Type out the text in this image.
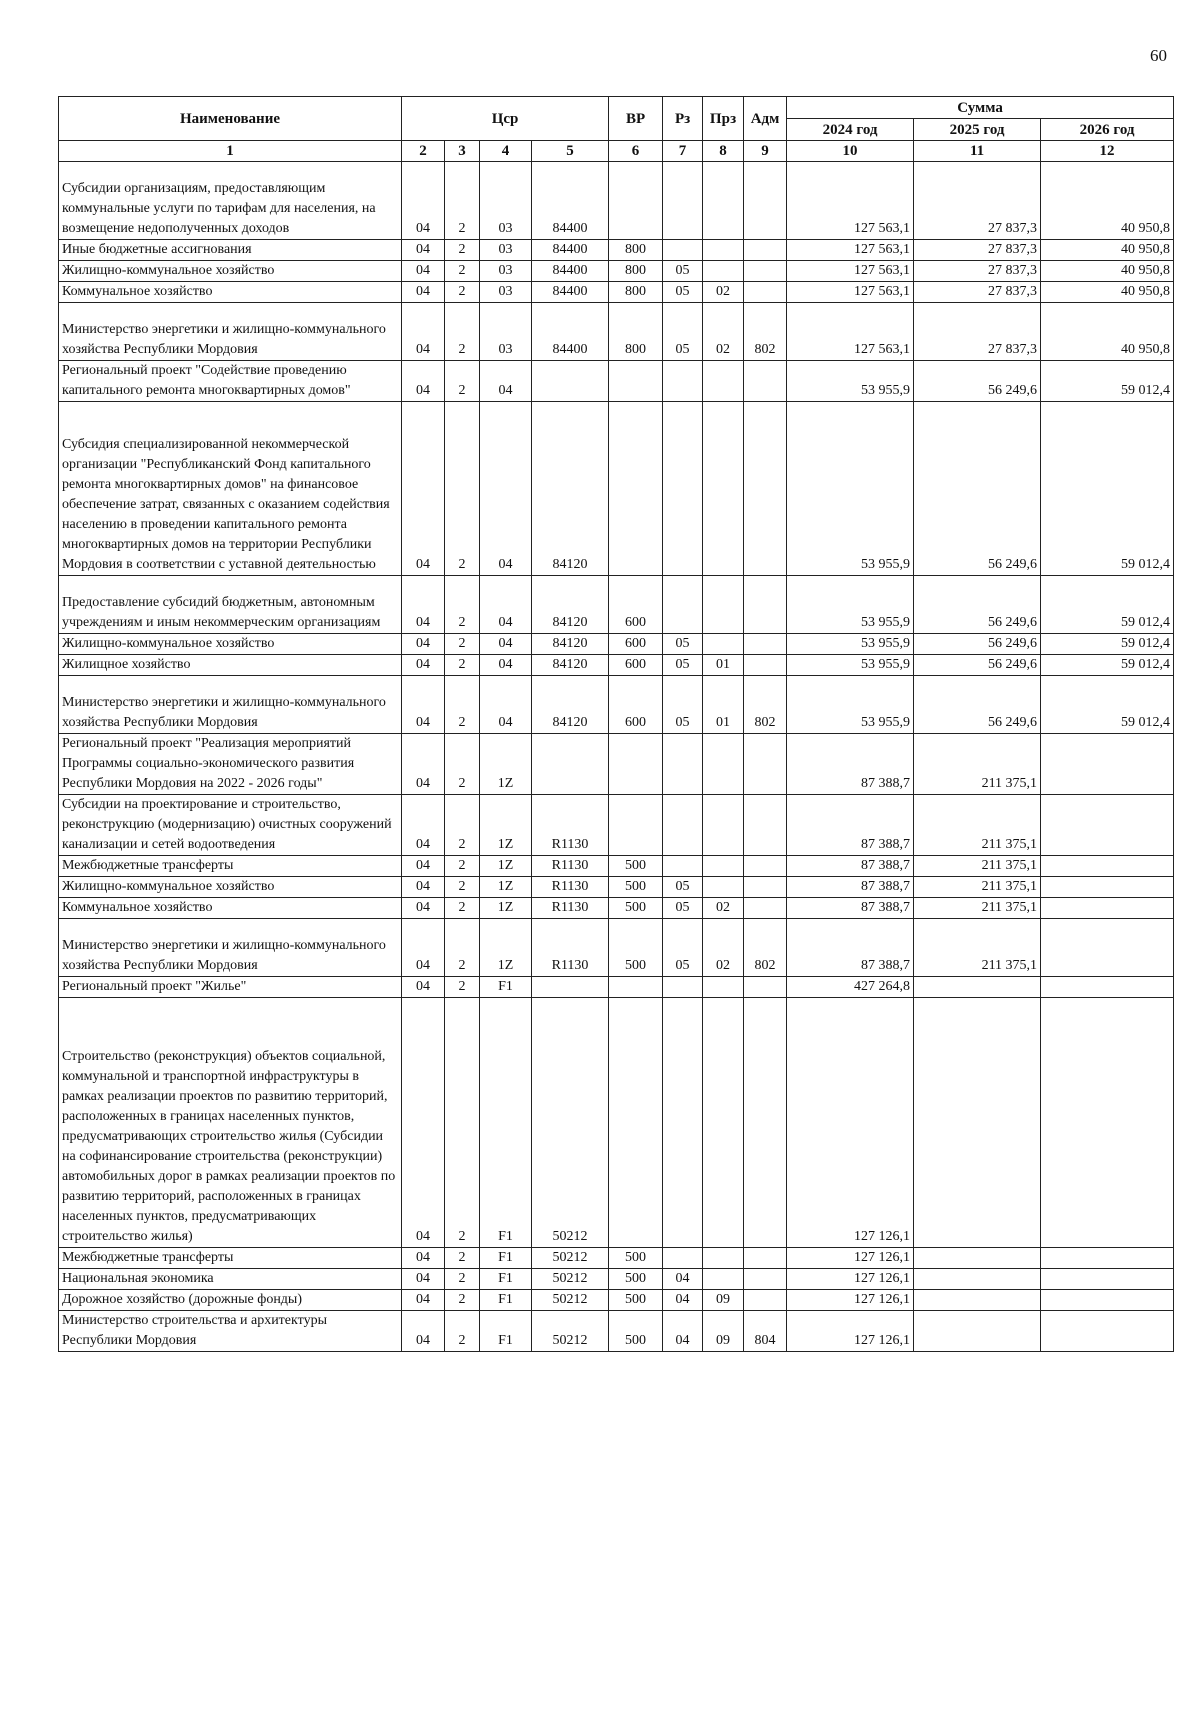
60
Наименование	Цср				ВР	Рз	Прз	Адм	Сумма		
									2024 год	2025 год	2026 год
1	2	3	4	5	6	7	8	9	10	11	12
Субсидии организациям, предоставляющим коммунальные услуги по тарифам для населения, на возмещение недополученных доходов	04	2	03	84400					127 563,1	27 837,3	40 950,8
Иные бюджетные ассигнования	04	2	03	84400	800				127 563,1	27 837,3	40 950,8
Жилищно-коммунальное хозяйство	04	2	03	84400	800	05			127 563,1	27 837,3	40 950,8
Коммунальное хозяйство	04	2	03	84400	800	05	02		127 563,1	27 837,3	40 950,8
Министерство энергетики и жилищно-коммунального хозяйства Республики Мордовия	04	2	03	84400	800	05	02	802	127 563,1	27 837,3	40 950,8
Региональный проект "Содействие проведению капитального ремонта многоквартирных домов"	04	2	04						53 955,9	56 249,6	59 012,4
Субсидия специализированной некоммерческой организации "Республиканский Фонд капитального ремонта многоквартирных домов" на финансовое обеспечение затрат, связанных с оказанием содействия населению в проведении капитального ремонта многоквартирных домов на территории Республики Мордовия в соответствии с уставной деятельностью	04	2	04	84120					53 955,9	56 249,6	59 012,4
Предоставление субсидий бюджетным, автономным учреждениям и иным некоммерческим организациям	04	2	04	84120	600				53 955,9	56 249,6	59 012,4
Жилищно-коммунальное хозяйство	04	2	04	84120	600	05			53 955,9	56 249,6	59 012,4
Жилищное хозяйство	04	2	04	84120	600	05	01		53 955,9	56 249,6	59 012,4
Министерство энергетики и жилищно-коммунального хозяйства Республики Мордовия	04	2	04	84120	600	05	01	802	53 955,9	56 249,6	59 012,4
Региональный проект "Реализация мероприятий Программы социально-экономического развития Республики Мордовия на 2022 - 2026 годы"	04	2	1Z						87 388,7	211 375,1	
Субсидии на проектирование и строительство, реконструкцию (модернизацию) очистных сооружений канализации и сетей водоотведения	04	2	1Z	R1130					87 388,7	211 375,1	
Межбюджетные трансферты	04	2	1Z	R1130	500				87 388,7	211 375,1	
Жилищно-коммунальное хозяйство	04	2	1Z	R1130	500	05			87 388,7	211 375,1	
Коммунальное хозяйство	04	2	1Z	R1130	500	05	02		87 388,7	211 375,1	
Министерство энергетики и жилищно-коммунального хозяйства Республики Мордовия	04	2	1Z	R1130	500	05	02	802	87 388,7	211 375,1	
Региональный проект "Жилье"	04	2	F1						427 264,8		
Строительство (реконструкция) объектов социальной, коммунальной и транспортной инфраструктуры в рамках реализации проектов по развитию территорий, расположенных в границах населенных пунктов, предусматривающих строительство жилья (Субсидии на софинансирование строительства (реконструкции) автомобильных дорог в рамках реализации проектов по развитию территорий, расположенных в границах населенных пунктов, предусматривающих строительство жилья)	04	2	F1	50212					127 126,1		
Межбюджетные трансферты	04	2	F1	50212	500				127 126,1		
Национальная экономика	04	2	F1	50212	500	04			127 126,1		
Дорожное хозяйство (дорожные фонды)	04	2	F1	50212	500	04	09		127 126,1		
Министерство строительства и архитектуры Республики Мордовия	04	2	F1	50212	500	04	09	804	127 126,1		
